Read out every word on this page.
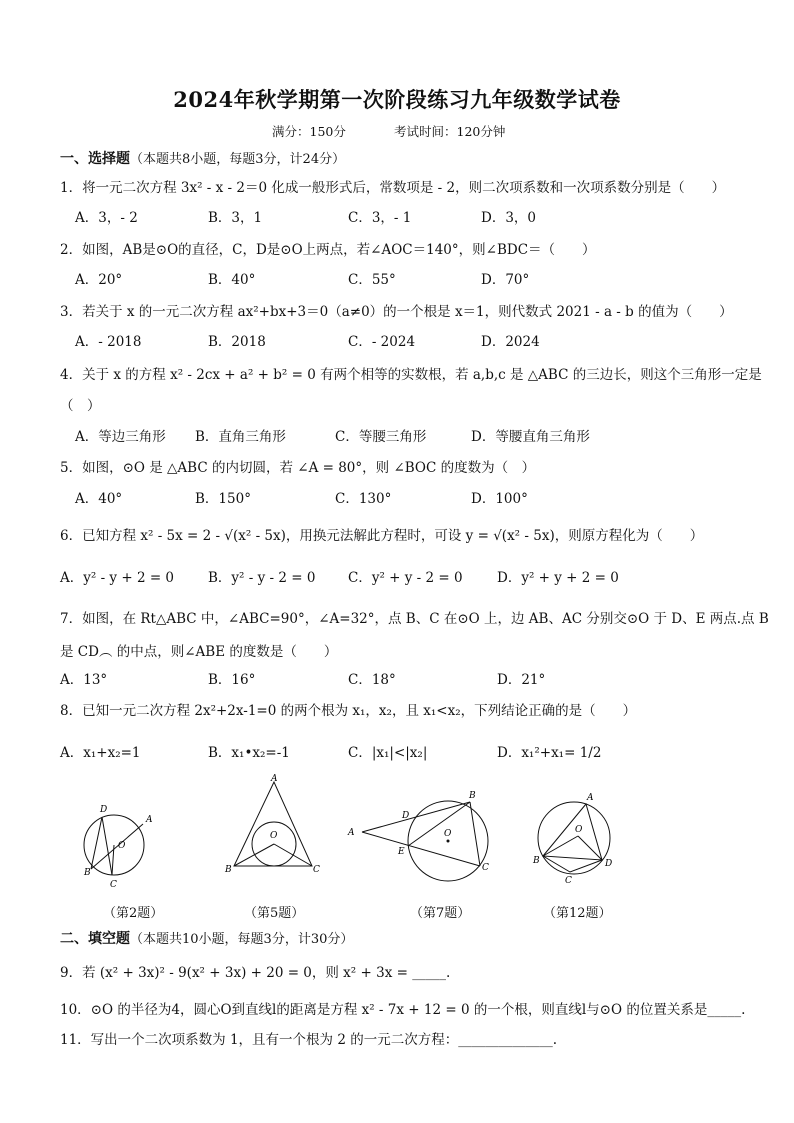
2024年秋学期第一次阶段练习九年级数学试卷
满分：150分	考试时间：120分钟
一、选择题（本题共8小题，每题3分，计24分）
1．将一元二次方程 3x² - x - 2＝0 化成一般形式后，常数项是 - 2，则二次项系数和一次项系数分别是（　　）
A．3，- 2	B．3，1	C．3，- 1	D．3，0
2．如图，AB是⊙O的直径，C，D是⊙O上两点，若∠AOC＝140°，则∠BDC＝（　　）
A．20°	B．40°	C．55°	D．70°
3．若关于 x 的一元二次方程 ax²+bx+3＝0（a≠0）的一个根是 x＝1，则代数式 2021 - a - b 的值为（　　）
A．- 2018	B．2018	C．- 2024	D．2024
4．关于 x 的方程 x² - 2cx + a² + b² = 0 有两个相等的实数根，若 a,b,c 是 △ABC 的三边长，则这个三角形一定是
（　）
A．等边三角形 B．直角三角形	C．等腰三角形	D．等腰直角三角形
5．如图，⊙O 是 △ABC 的内切圆，若 ∠A = 80°，则 ∠BOC 的度数为（　）
A．40°	B．150°	C．130°	D．100°
6．已知方程 x² - 5x = 2 - √(x² - 5x)，用换元法解此方程时，可设 y = √(x² - 5x)，则原方程化为（　　）
A．y² - y + 2 = 0	B．y² - y - 2 = 0 C．y² + y - 2 = 0	D．y² + y + 2 = 0
7．如图，在 Rt△ABC 中，∠ABC=90°，∠A=32°，点 B、C 在⊙O 上，边 AB、AC 分别交⊙O 于 D、E 两点.点 B
是 CD︵ 的中点，则∠ABE 的度数是（　　）
A．13°	B．16°	C．18°	D．21°
8．已知一元二次方程 2x²+2x-1=0 的两个根为 x₁，x₂，且 x₁<x₂，下列结论正确的是（　　）
A．x₁+x₂=1	B．x₁•x₂=-1	C．|x₁|<|x₂|	D．x₁²+x₁= 1/2
D
A
O
B
C
A
O
B	C
D
B
A	O
E
C
A
O
B	D
C
（第2题）	（第5题）	（第7题）	（第12题）
二、填空题（本题共10小题，每题3分，计30分）
9．若 (x² + 3x)² - 9(x² + 3x) + 20 = 0，则 x² + 3x = _____.
10．⊙O 的半径为4，圆心O到直线l的距离是方程 x² - 7x + 12 = 0 的一个根，则直线l与⊙O 的位置关系是_____.
11．写出一个二次项系数为 1，且有一个根为 2 的一元二次方程：______________.
